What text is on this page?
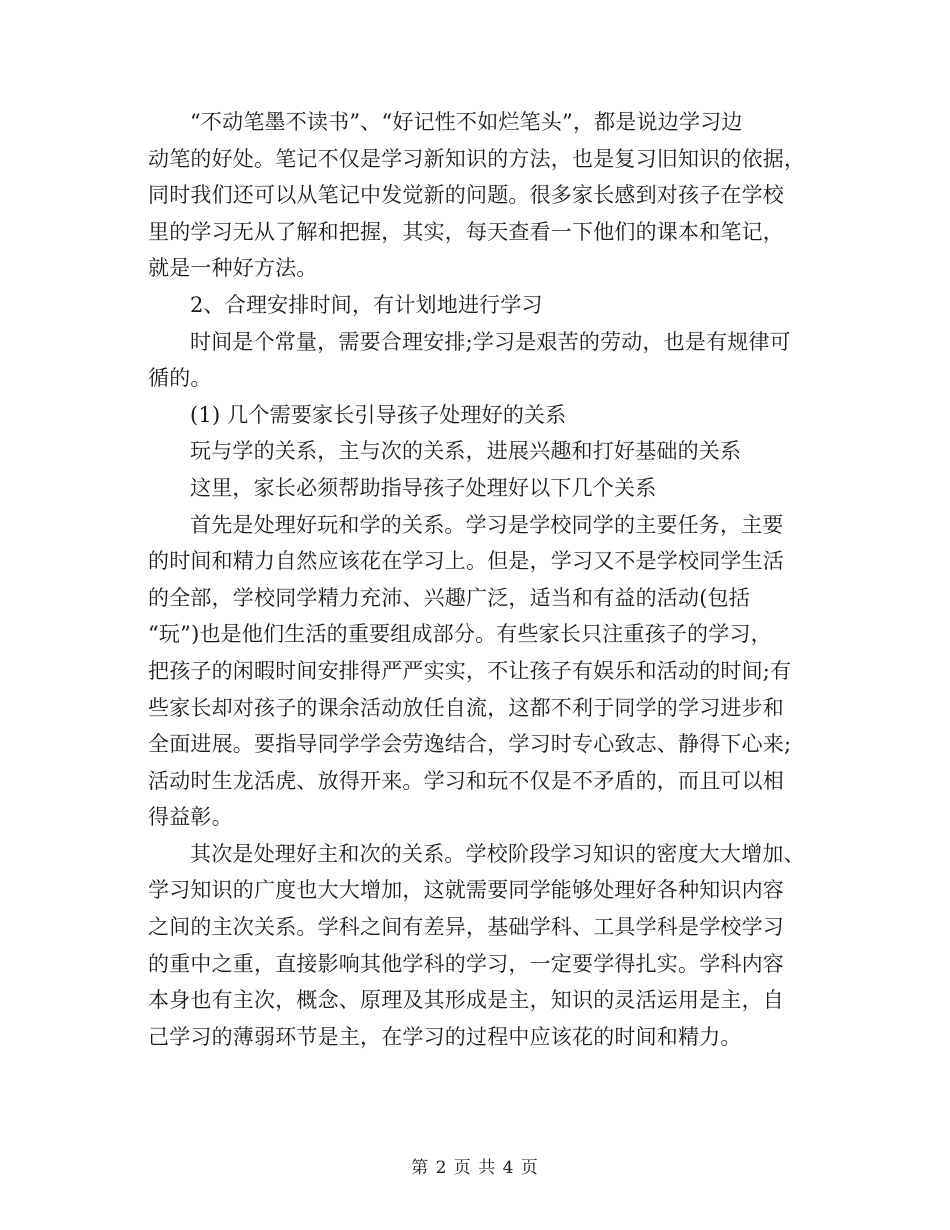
“不动笔墨不读书”、“好记性不如烂笔头”，都是说边学习边
动笔的好处。笔记不仅是学习新知识的方法，也是复习旧知识的依据，
同时我们还可以从笔记中发觉新的问题。很多家长感到对孩子在学校
里的学习无从了解和把握，其实，每天查看一下他们的课本和笔记，
就是一种好方法。
2、合理安排时间，有计划地进行学习
时间是个常量，需要合理安排;学习是艰苦的劳动，也是有规律可
循的。
(1) 几个需要家长引导孩子处理好的关系
玩与学的关系，主与次的关系，进展兴趣和打好基础的关系
这里，家长必须帮助指导孩子处理好以下几个关系
首先是处理好玩和学的关系。学习是学校同学的主要任务，主要
的时间和精力自然应该花在学习上。但是，学习又不是学校同学生活
的全部，学校同学精力充沛、兴趣广泛，适当和有益的活动(包括
“玩”)也是他们生活的重要组成部分。有些家长只注重孩子的学习，
把孩子的闲暇时间安排得严严实实，不让孩子有娱乐和活动的时间;有
些家长却对孩子的课余活动放任自流，这都不利于同学的学习进步和
全面进展。要指导同学学会劳逸结合，学习时专心致志、静得下心来;
活动时生龙活虎、放得开来。学习和玩不仅是不矛盾的，而且可以相
得益彰。
其次是处理好主和次的关系。学校阶段学习知识的密度大大增加、
学习知识的广度也大大增加，这就需要同学能够处理好各种知识内容
之间的主次关系。学科之间有差异，基础学科、工具学科是学校学习
的重中之重，直接影响其他学科的学习，一定要学得扎实。学科内容
本身也有主次，概念、原理及其形成是主，知识的灵活运用是主，自
己学习的薄弱环节是主，在学习的过程中应该花的时间和精力。
第 2 页 共 4 页
